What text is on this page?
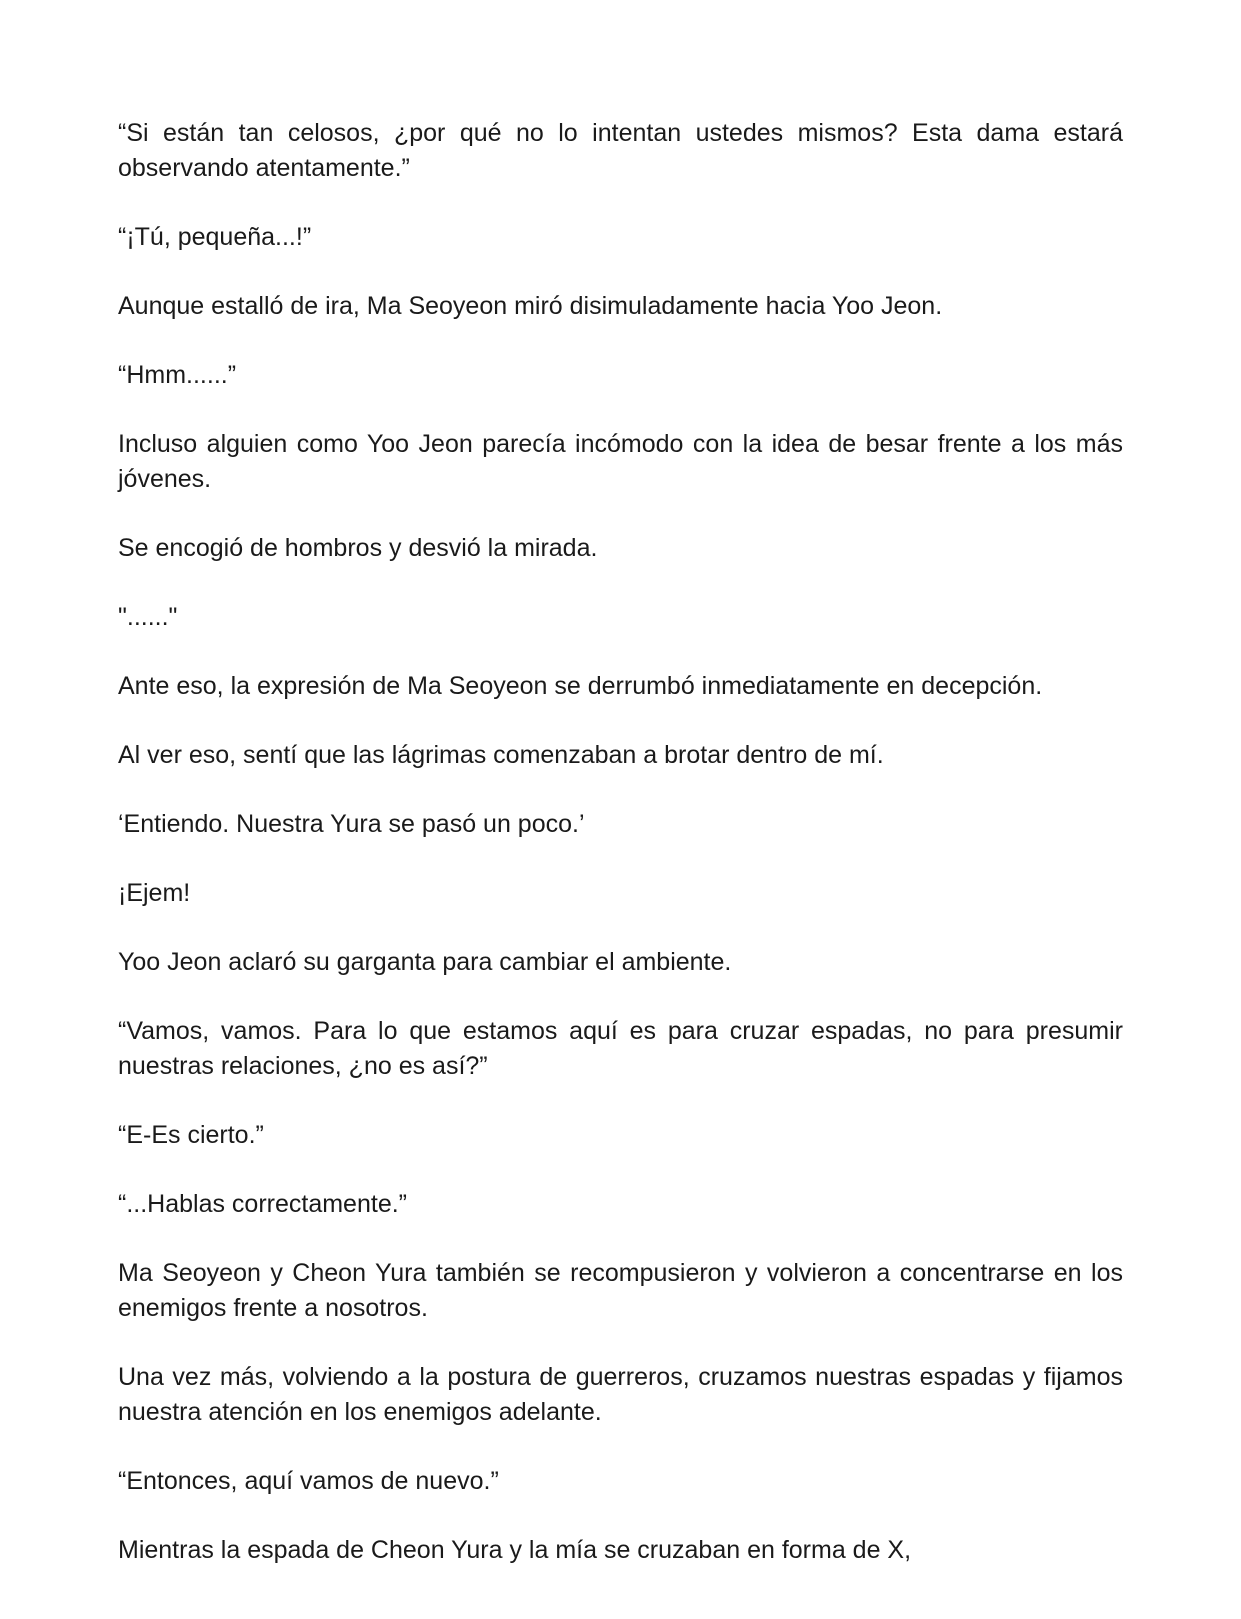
“Si están tan celosos, ¿por qué no lo intentan ustedes mismos? Esta dama estará observando atentamente.”

“¡Tú, pequeña...!”

Aunque estalló de ira, Ma Seoyeon miró disimuladamente hacia Yoo Jeon.

“Hmm......”

Incluso alguien como Yoo Jeon parecía incómodo con la idea de besar frente a los más jóvenes.

Se encogió de hombros y desvió la mirada.

"......"

Ante eso, la expresión de Ma Seoyeon se derrumbó inmediatamente en decepción.

Al ver eso, sentí que las lágrimas comenzaban a brotar dentro de mí.

‘Entiendo. Nuestra Yura se pasó un poco.’

¡Ejem!

Yoo Jeon aclaró su garganta para cambiar el ambiente.

“Vamos, vamos. Para lo que estamos aquí es para cruzar espadas, no para presumir nuestras relaciones, ¿no es así?”

“E-Es cierto.”

“...Hablas correctamente.”

Ma Seoyeon y Cheon Yura también se recompusieron y volvieron a concentrarse en los enemigos frente a nosotros.

Una vez más, volviendo a la postura de guerreros, cruzamos nuestras espadas y fijamos nuestra atención en los enemigos adelante.

“Entonces, aquí vamos de nuevo.”

Mientras la espada de Cheon Yura y la mía se cruzaban en forma de X,
